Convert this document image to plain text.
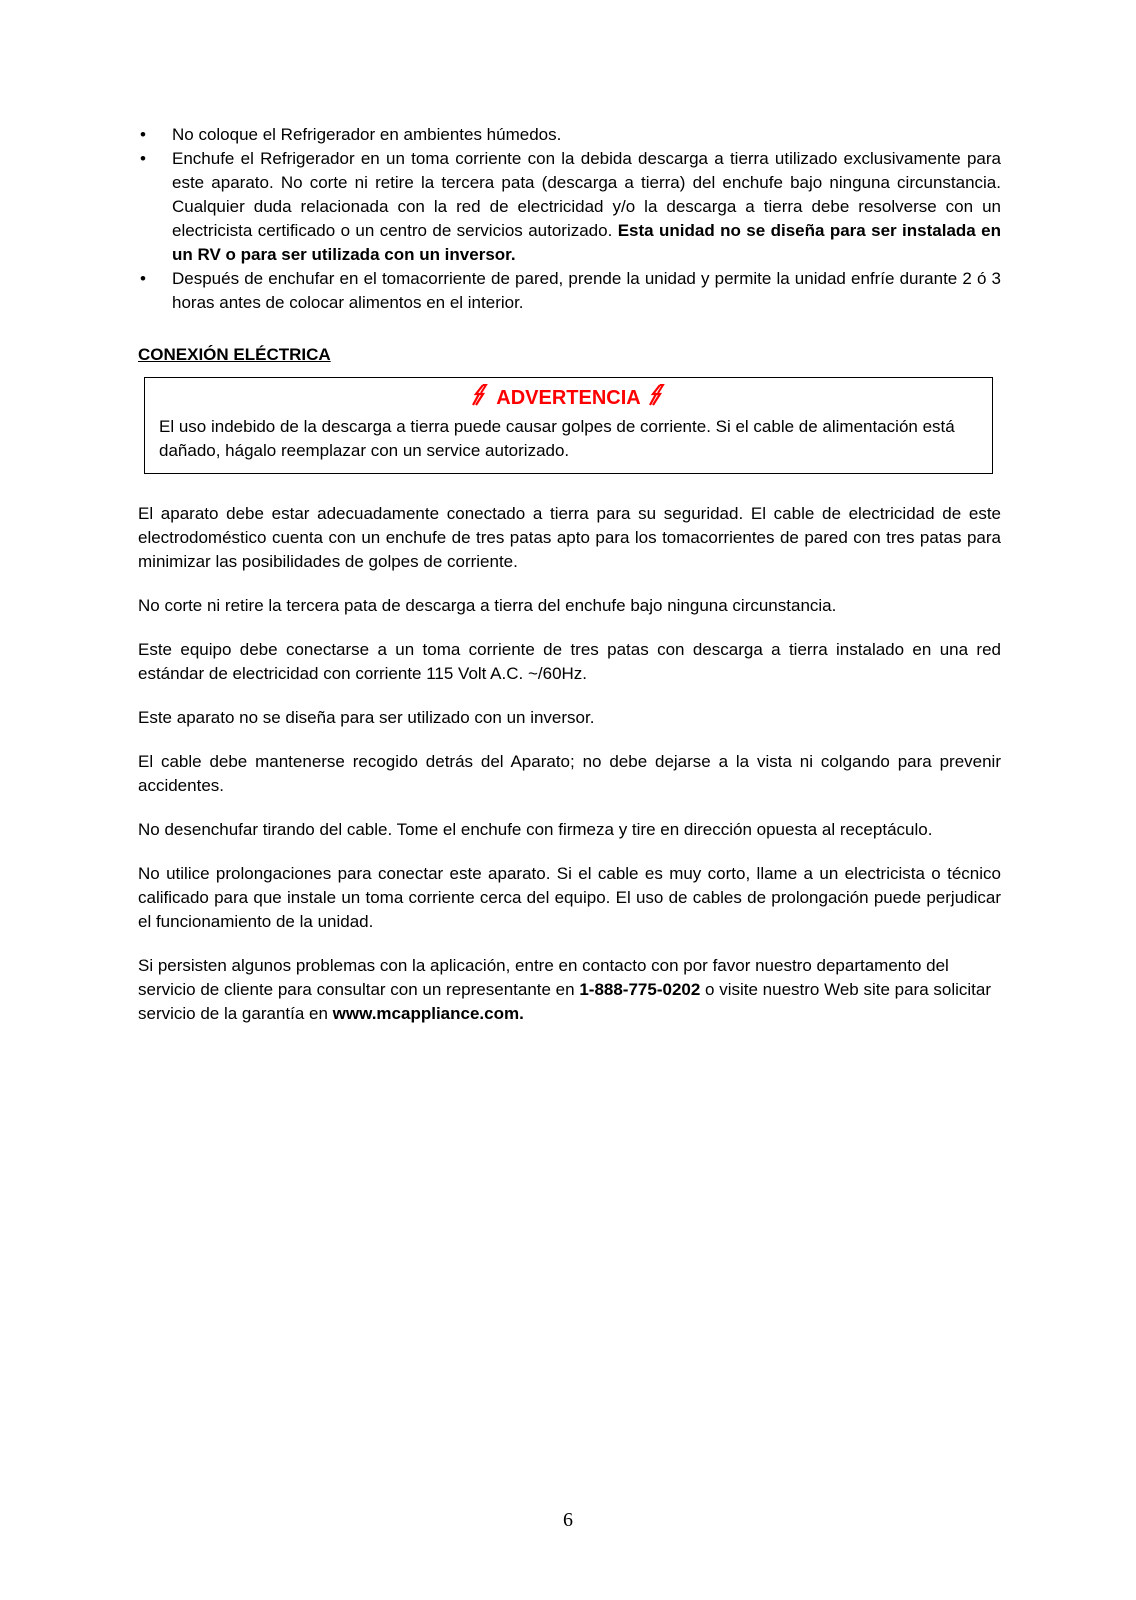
• No coloque el Refrigerador en ambientes húmedos.
• Enchufe el Refrigerador en un toma corriente con la debida descarga a tierra utilizado exclusivamente para este aparato. No corte ni retire la tercera pata (descarga a tierra) del enchufe bajo ninguna circunstancia. Cualquier duda relacionada con la red de electricidad y/o la descarga a tierra debe resolverse con un electricista certificado o un centro de servicios autorizado. Esta unidad no se diseña para ser instalada en un RV o para ser utilizada con un inversor.
• Después de enchufar en el tomacorriente de pared, prende la unidad y permite la unidad enfríe durante 2 ó 3 horas antes de colocar alimentos en el interior.
CONEXIÓN ELÉCTRICA
ADVERTENCIA
El uso indebido de la descarga a tierra puede causar golpes de corriente. Si el cable de alimentación está dañado, hágalo reemplazar con un service autorizado.

El aparato debe estar adecuadamente conectado a tierra para su seguridad. El cable de electricidad de este electrodoméstico cuenta con un enchufe de tres patas apto para los tomacorrientes de pared con tres patas para minimizar las posibilidades de golpes de corriente.

No corte ni retire la tercera pata de descarga a tierra del enchufe bajo ninguna circunstancia.

Este equipo debe conectarse a un toma corriente de tres patas con descarga a tierra instalado en una red estándar de electricidad con corriente 115 Volt A.C. ~/60Hz.

Este aparato no se diseña para ser utilizado con un inversor.

El cable debe mantenerse recogido detrás del Aparato; no debe dejarse a la vista ni colgando para prevenir accidentes.

No desenchufar tirando del cable. Tome el enchufe con firmeza y tire en dirección opuesta al receptáculo.

No utilice prolongaciones para conectar este aparato. Si el cable es muy corto, llame a un electricista o técnico calificado para que instale un toma corriente cerca del equipo. El uso de cables de prolongación puede perjudicar el funcionamiento de la unidad.

Si persisten algunos problemas con la aplicación, entre en contacto con por favor nuestro departamento del servicio de cliente para consultar con un representante en 1-888-775-0202 o visite nuestro Web site para solicitar servicio de la garantía en www.mcappliance.com.

6
